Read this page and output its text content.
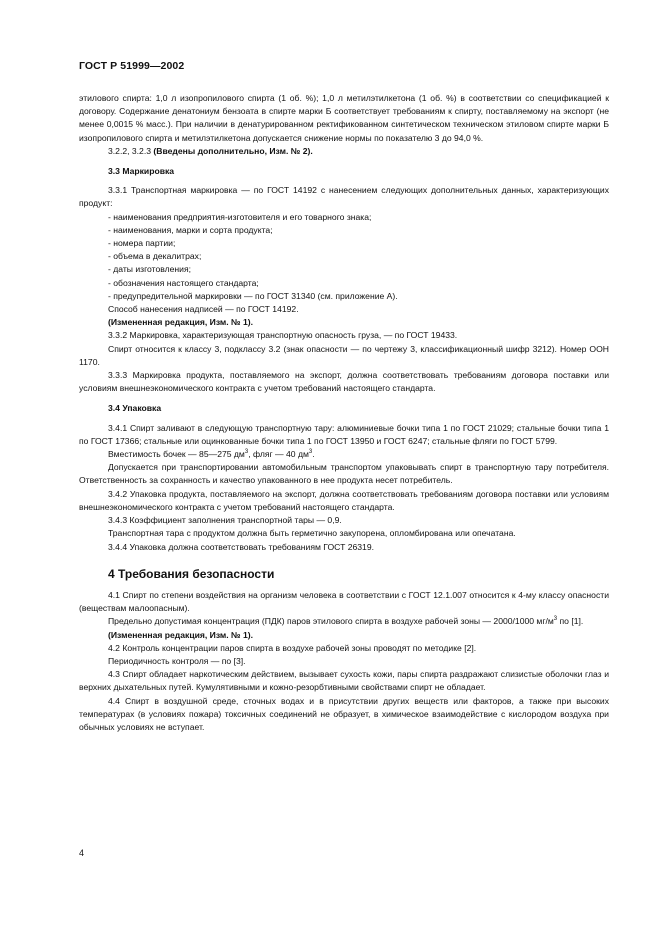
ГОСТ Р 51999—2002

этилового спирта: 1,0 л изопропилового спирта (1 об. %); 1,0 л метилэтилкетона (1 об. %) в соответствии со спецификацией к договору. Содержание денатониум бензоата в спирте марки Б соответствует требованиям к спирту, поставляемому на экспорт (не менее 0,0015 % масс.). При наличии в денатурированном ректификованном синтетическом техническом этиловом спирте марки Б изопропилового спирта и метилэтилкетона допускается снижение нормы по показателю 3 до 94,0 %.

3.2.2, 3.2.3 (Введены дополнительно, Изм. № 2).

3.3 Маркировка

3.3.1 Транспортная маркировка — по ГОСТ 14192 с нанесением следующих дополнительных данных, характеризующих продукт:

- наименования предприятия-изготовителя и его товарного знака;

- наименования, марки и сорта продукта;

- номера партии;

- объема в декалитрах;

- даты изготовления;

- обозначения настоящего стандарта;

- предупредительной маркировки — по ГОСТ 31340 (см. приложение А).

Способ нанесения надписей — по ГОСТ 14192.

(Измененная редакция, Изм. № 1).

3.3.2 Маркировка, характеризующая транспортную опасность груза, — по ГОСТ 19433.

Спирт относится к классу 3, подклассу 3.2 (знак опасности — по чертежу 3, классификационный шифр 3212). Номер ООН 1170.

3.3.3 Маркировка продукта, поставляемого на экспорт, должна соответствовать требованиям договора поставки или условиям внешнеэкономического контракта с учетом требований настоящего стандарта.

3.4 Упаковка

3.4.1 Спирт заливают в следующую транспортную тару: алюминиевые бочки типа 1 по ГОСТ 21029; стальные бочки типа 1 по ГОСТ 17366; стальные или оцинкованные бочки типа 1 по ГОСТ 13950 и ГОСТ 6247; стальные фляги по ГОСТ 5799.

Вместимость бочек — 85—275 $дм^3$, фляг — 40 $дм^3$.

Допускается при транспортировании автомобильным транспортом упаковывать спирт в транспортную тару потребителя. Ответственность за сохранность и качество упакованного в нее продукта несет потребитель.

3.4.2 Упаковка продукта, поставляемого на экспорт, должна соответствовать требованиям договора поставки или условиям внешнеэкономического контракта с учетом требований настоящего стандарта.

3.4.3 Коэффициент заполнения транспортной тары — 0,9.

Транспортная тара с продуктом должна быть герметично закупорена, опломбирована или опечатана.

3.4.4 Упаковка должна соответствовать требованиям ГОСТ 26319.

4 Требования безопасности

4.1 Спирт по степени воздействия на организм человека в соответствии с ГОСТ 12.1.007 относится к 4-му классу опасности (веществам малоопасным).

Предельно допустимая концентрация (ПДК) паров этилового спирта в воздухе рабочей зоны — 2000/1000 $мг/м^3$ по [1].

(Измененная редакция, Изм. № 1).

4.2 Контроль концентрации паров спирта в воздухе рабочей зоны проводят по методике [2].

Периодичность контроля — по [3].

4.3 Спирт обладает наркотическим действием, вызывает сухость кожи, пары спирта раздражают слизистые оболочки глаз и верхних дыхательных путей. Кумулятивными и кожно-резорбтивными свойствами спирт не обладает.

4.4 Спирт в воздушной среде, сточных водах и в присутствии других веществ или факторов, а также при высоких температурах (в условиях пожара) токсичных соединений не образует, в химическое взаимодействие с кислородом воздуха при обычных условиях не вступает.

4
